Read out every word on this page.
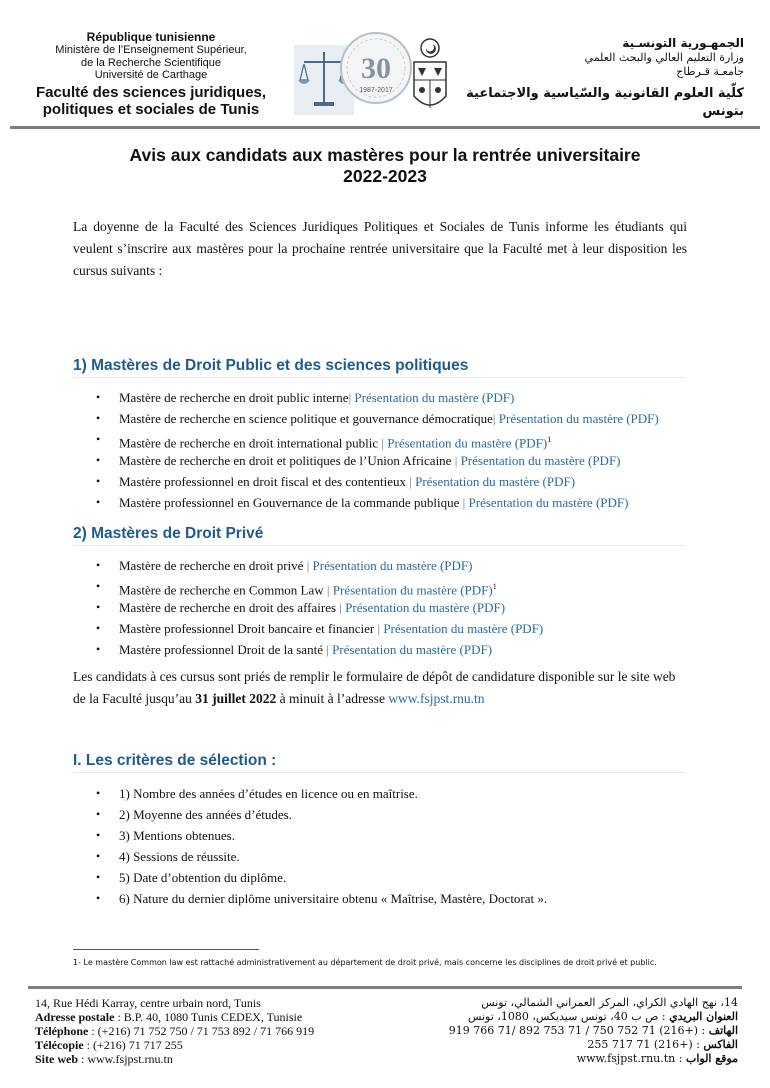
République tunisienne
Ministère de l’Enseignement Supérieur,
de la Recherche Scientifique
Université de Carthage
Faculté des sciences juridiques,
politiques et sociales de Tunis
30
1987-2017
الجمهـورية التونسـية
وزارة التعليم العالي والبحث العلمي
جامعـة قـرطاج
كلّية العلوم القانونية والسّياسية والاجتماعية بتونس
Avis aux candidats aux mastères pour la rentrée universitaire
2022-2023
La doyenne de la Faculté des Sciences Juridiques Politiques et Sociales de Tunis informe les étudiants qui veulent s’inscrire aux mastères pour la prochaine rentrée universitaire que la Faculté met à leur disposition les cursus suivants :
1) Mastères de Droit Public et des sciences politiques
• Mastère de recherche en droit public interne| Présentation du mastère (PDF)
• Mastère de recherche en science politique et gouvernance démocratique| Présentation du mastère (PDF)
• Mastère de recherche en droit international public | Présentation du mastère (PDF)$^1$
• Mastère de recherche en droit et politiques de l’Union Africaine | Présentation du mastère (PDF)
• Mastère professionnel en droit fiscal et des contentieux | Présentation du mastère (PDF)
• Mastère professionnel en Gouvernance de la commande publique | Présentation du mastère (PDF)
2) Mastères de Droit Privé
• Mastère de recherche en droit privé | Présentation du mastère (PDF)
• Mastère de recherche en Common Law | Présentation du mastère (PDF)$^1$
• Mastère de recherche en droit des affaires | Présentation du mastère (PDF)
• Mastère professionnel Droit bancaire et financier | Présentation du mastère (PDF)
• Mastère professionnel Droit de la santé | Présentation du mastère (PDF)
Les candidats à ces cursus sont priés de remplir le formulaire de dépôt de candidature disponible sur le site web de la Faculté jusqu’au 31 juillet 2022 à minuit à l’adresse www.fsjpst.rnu.tn
I. Les critères de sélection :
• 1) Nombre des années d’études en licence ou en maîtrise.
• 2) Moyenne des années d’études.
• 3) Mentions obtenues.
• 4) Sessions de réussite.
• 5) Date d’obtention du diplôme.
• 6) Nature du dernier diplôme universitaire obtenu « Maîtrise, Mastère, Doctorat ».
1- Le mastère Common law est rattaché administrativement au département de droit privé, mais concerne les disciplines de droit privé et public.
14, Rue Hédi Karray, centre urbain nord, Tunis
Adresse postale : B.P. 40, 1080 Tunis CEDEX, Tunisie
Téléphone : (+216) 71 752 750 / 71 753 892 / 71 766 919
Télécopie : (+216) 71 717 255
Site web : www.fsjpst.rnu.tn
14، نهج الهادي الكراي، المركز العمراني الشمالي، تونس
العنوان البريدي : ص ب 40، تونس سيديكس، 1080، تونس
الهاتف : (+216) 71 752 750 / 71 753 892 /71 766 919
الفاكس : (+216) 71 717 255
موقع الواب : www.fsjpst.rnu.tn
